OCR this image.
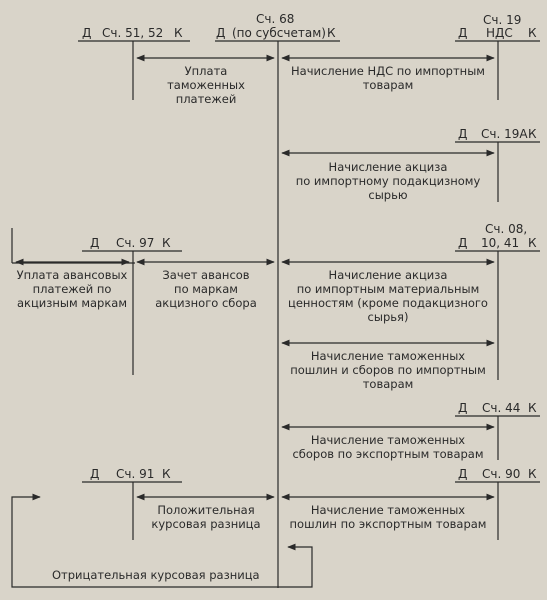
Сч. 68
Д (по субсчетам) К
Д Сч. 51, 52 К
Сч. 19
Д НДС К
Д Сч. 19А К
Д Сч. 97 К
Сч. 08,
Д 10, 41 К
Д Сч. 44 К
Д Сч. 91 К	Д Сч. 90 К
Уплата
таможенных
платежей
Начисление НДС по импортным
товарам
Начисление акциза
по импортному подакцизному
сырью
Уплата авансовых
платежей по
акцизным маркам
Зачет авансов
по маркам
акцизного сбора
Начисление акциза
по импортным материальным
ценностям (кроме подакцизного
сырья)
Начисление таможенных
пошлин и сборов по импортным
товарам
Начисление таможенных
сборов по экспортным товарам
Положительная
курсовая разница
Начисление таможенных
пошлин по экспортным товарам
Отрицательная курсовая разница
